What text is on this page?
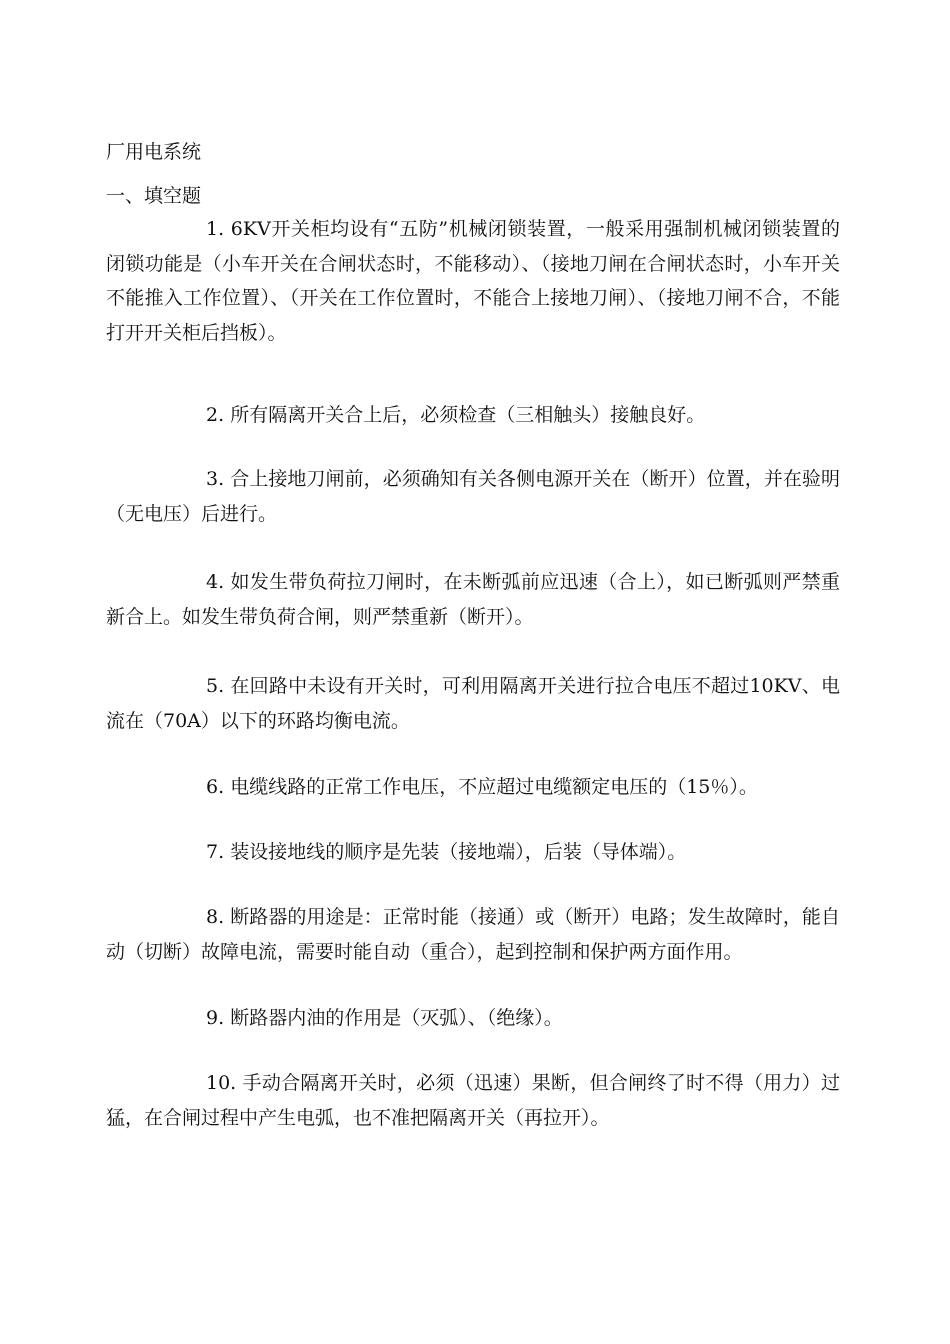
厂用电系统
一、填空题

1. 6KV开关柜均设有“五防”机械闭锁装置，一般采用强制机械闭锁装置的闭锁功能是（小车开关在合闸状态时，不能移动）、（接地刀闸在合闸状态时，小车开关不能推入工作位置）、（开关在工作位置时，不能合上接地刀闸）、（接地刀闸不合，不能打开开关柜后挡板）。

2. 所有隔离开关合上后，必须检查（三相触头）接触良好。

3. 合上接地刀闸前，必须确知有关各侧电源开关在（断开）位置，并在验明（无电压）后进行。

4. 如发生带负荷拉刀闸时，在未断弧前应迅速（合上），如已断弧则严禁重新合上。如发生带负荷合闸，则严禁重新（断开）。

5. 在回路中未设有开关时，可利用隔离开关进行拉合电压不超过10KV、电流在（70A）以下的环路均衡电流。

6. 电缆线路的正常工作电压，不应超过电缆额定电压的（15％）。

7. 装设接地线的顺序是先装（接地端），后装（导体端）。

8. 断路器的用途是：正常时能（接通）或（断开）电路；发生故障时，能自动（切断）故障电流，需要时能自动（重合），起到控制和保护两方面作用。

9. 断路器内油的作用是（灭弧）、（绝缘）。

10. 手动合隔离开关时，必须（迅速）果断，但合闸终了时不得（用力）过猛，在合闸过程中产生电弧，也不准把隔离开关（再拉开）。
